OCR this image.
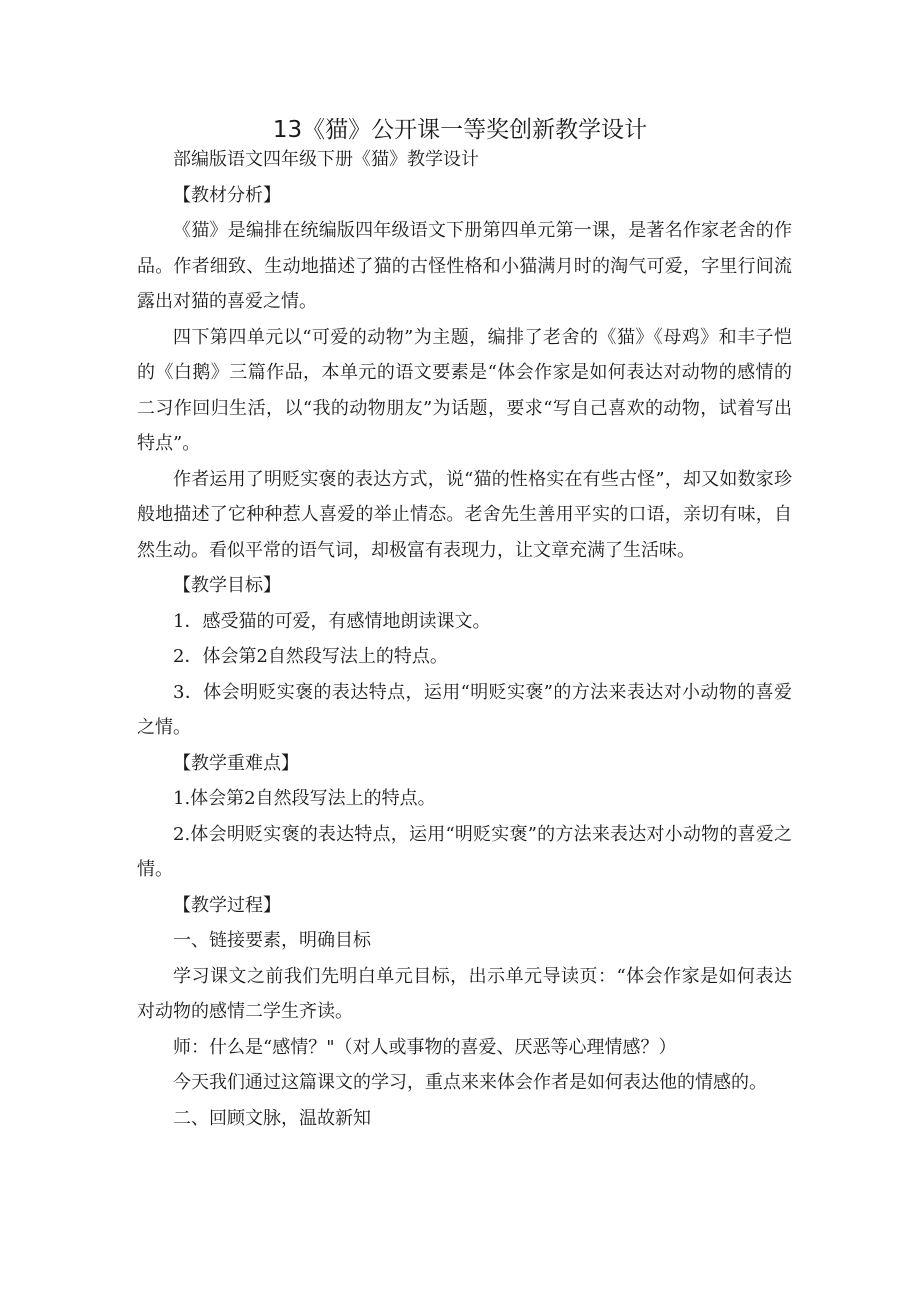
13《猫》公开课一等奖创新教学设计

部编版语文四年级下册《猫》教学设计

【教材分析】

《猫》是编排在统编版四年级语文下册第四单元第一课，是著名作家老舍的作品。作者细致、生动地描述了猫的古怪性格和小猫满月时的淘气可爱，字里行间流露出对猫的喜爱之情。

四下第四单元以“可爱的动物”为主题，编排了老舍的《猫》《母鸡》和丰子恺的《白鹅》三篇作品，本单元的语文要素是“体会作家是如何表达对动物的感情的二习作回归生活，以“我的动物朋友”为话题，要求“写自己喜欢的动物，试着写出特点”。

作者运用了明贬实褒的表达方式，说“猫的性格实在有些古怪”，却又如数家珍般地描述了它种种惹人喜爱的举止情态。老舍先生善用平实的口语，亲切有味，自然生动。看似平常的语气词，却极富有表现力，让文章充满了生活味。

【教学目标】

1．感受猫的可爱，有感情地朗读课文。

2．体会第2自然段写法上的特点。

3．体会明贬实褒的表达特点，运用“明贬实褒”的方法来表达对小动物的喜爱之情。

【教学重难点】

1.体会第2自然段写法上的特点。

2.体会明贬实褒的表达特点，运用“明贬实褒”的方法来表达对小动物的喜爱之情。

【教学过程】

一、链接要素，明确目标

学习课文之前我们先明白单元目标，出示单元导读页：“体会作家是如何表达对动物的感情二学生齐读。

师：什么是“感情？"（对人或事物的喜爱、厌恶等心理情感？）

今天我们通过这篇课文的学习，重点来来体会作者是如何表达他的情感的。

二、回顾文脉，温故新知
